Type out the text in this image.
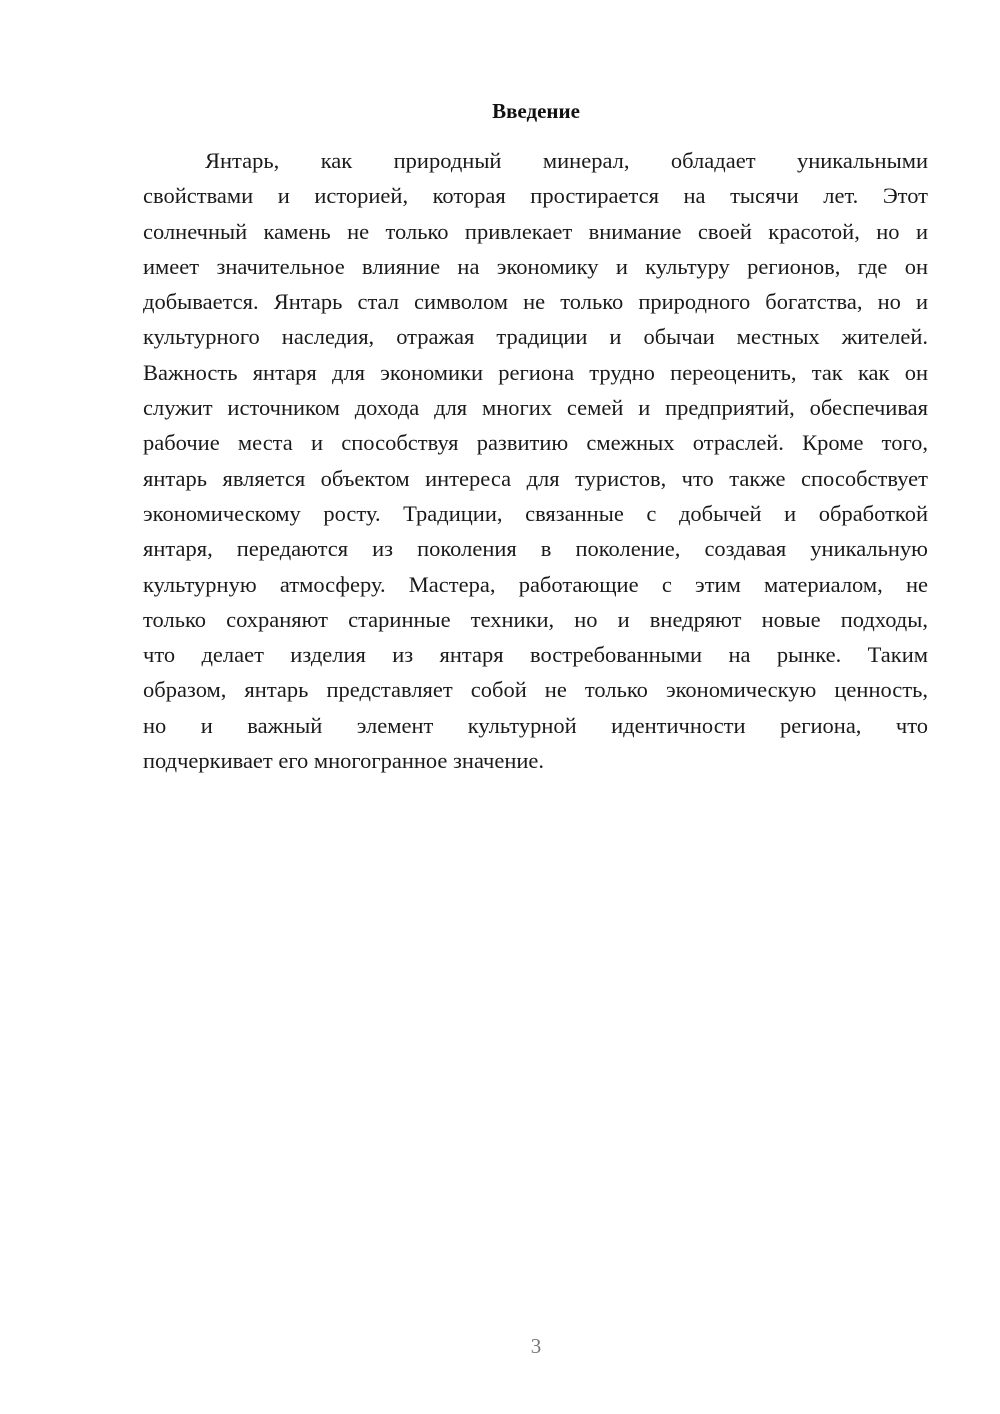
Введение
Янтарь, как природный минерал, обладает уникальными
свойствами и историей, которая простирается на тысячи лет. Этот
солнечный камень не только привлекает внимание своей красотой, но и
имеет значительное влияние на экономику и культуру регионов, где он
добывается. Янтарь стал символом не только природного богатства, но и
культурного наследия, отражая традиции и обычаи местных жителей.
Важность янтаря для экономики региона трудно переоценить, так как он
служит источником дохода для многих семей и предприятий, обеспечивая
рабочие места и способствуя развитию смежных отраслей. Кроме того,
янтарь является объектом интереса для туристов, что также способствует
экономическому росту. Традиции, связанные с добычей и обработкой
янтаря, передаются из поколения в поколение, создавая уникальную
культурную атмосферу. Мастера, работающие с этим материалом, не
только сохраняют старинные техники, но и внедряют новые подходы,
что делает изделия из янтаря востребованными на рынке. Таким
образом, янтарь представляет собой не только экономическую ценность,
но и важный элемент культурной идентичности региона, что
подчеркивает его многогранное значение.
3
